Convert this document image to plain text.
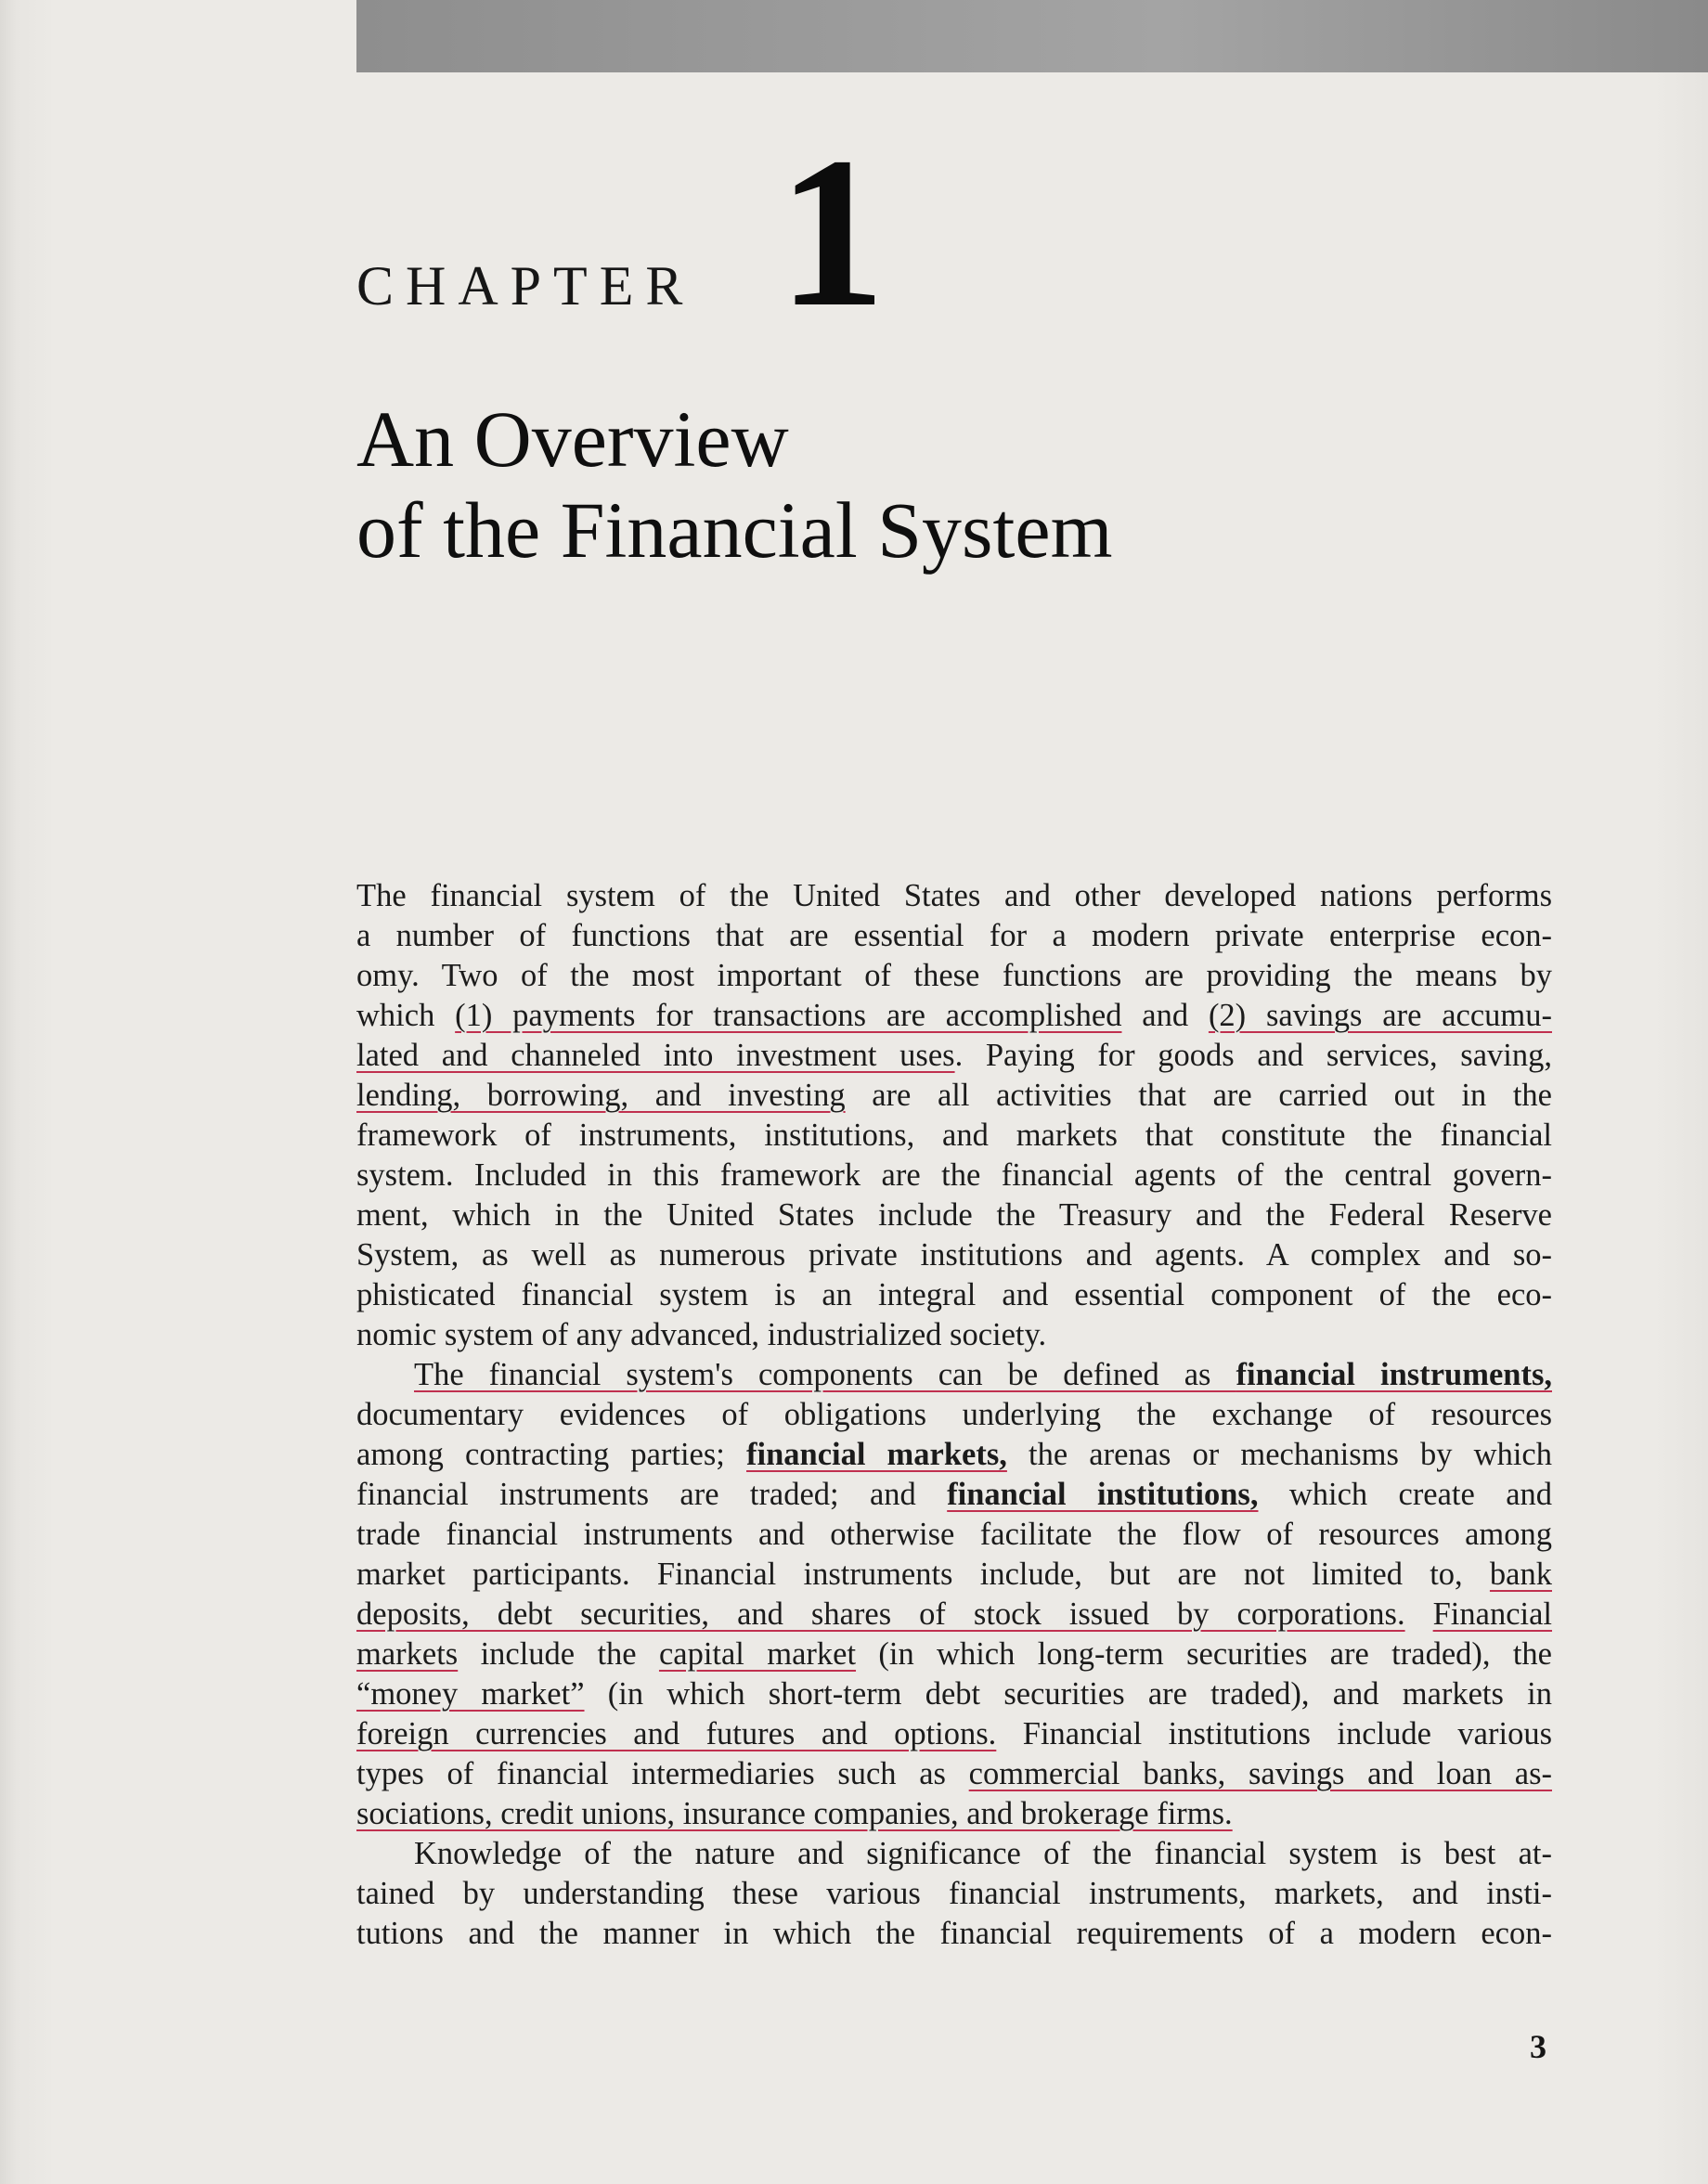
CHAPTER 1
An Overview
of the Financial System
The financial system of the United States and other developed nations performs
a number of functions that are essential for a modern private enterprise econ-
omy. Two of the most important of these functions are providing the means by
which (1) payments for transactions are accomplished and (2) savings are accumu-
lated and channeled into investment uses. Paying for goods and services, saving,
lending, borrowing, and investing are all activities that are carried out in the
framework of instruments, institutions, and markets that constitute the financial
system. Included in this framework are the financial agents of the central govern-
ment, which in the United States include the Treasury and the Federal Reserve
System, as well as numerous private institutions and agents. A complex and so-
phisticated financial system is an integral and essential component of the eco-
nomic system of any advanced, industrialized society.
The financial system's components can be defined as financial instruments,
documentary evidences of obligations underlying the exchange of resources
among contracting parties; financial markets, the arenas or mechanisms by which
financial instruments are traded; and financial institutions, which create and
trade financial instruments and otherwise facilitate the flow of resources among
market participants. Financial instruments include, but are not limited to, bank
deposits, debt securities, and shares of stock issued by corporations. Financial
markets include the capital market (in which long-term securities are traded), the
“money market” (in which short-term debt securities are traded), and markets in
foreign currencies and futures and options. Financial institutions include various
types of financial intermediaries such as commercial banks, savings and loan as-
sociations, credit unions, insurance companies, and brokerage firms.
Knowledge of the nature and significance of the financial system is best at-
tained by understanding these various financial instruments, markets, and insti-
tutions and the manner in which the financial requirements of a modern econ-
3
